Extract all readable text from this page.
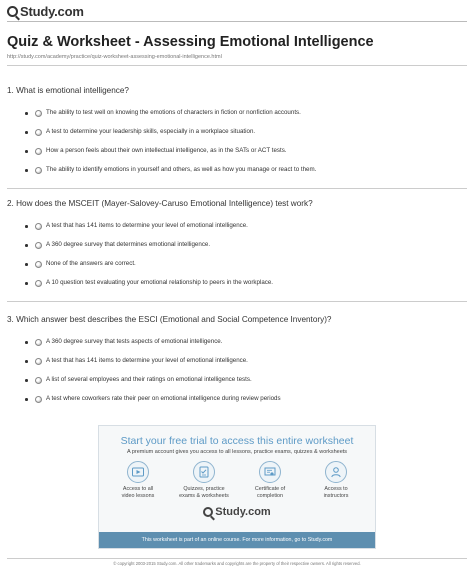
Study.com
Quiz & Worksheet - Assessing Emotional Intelligence
http://study.com/academy/practice/quiz-worksheet-assessing-emotional-intelligence.html
1. What is emotional intelligence?
The ability to test well on knowing the emotions of characters in fiction or nonfiction accounts.
A test to determine your leadership skills, especially in a workplace situation.
How a person feels about their own intellectual intelligence, as in the SATs or ACT tests.
The ability to identify emotions in yourself and others, as well as how you manage or react to them.
2. How does the MSCEIT (Mayer-Salovey-Caruso Emotional Intelligence) test work?
A test that has 141 items to determine your level of emotional intelligence.
A 360 degree survey that determines emotional intelligence.
None of the answers are correct.
A 10 question test evaluating your emotional relationship to peers in the workplace.
3. Which answer best describes the ESCI (Emotional and Social Competence Inventory)?
A 360 degree survey that tests aspects of emotional intelligence.
A test that has 141 items to determine your level of emotional intelligence.
A list of several employees and their ratings on emotional intelligence tests.
A test where coworkers rate their peer on emotional intelligence during review periods
Start your free trial to access this entire worksheet
A premium account gives you access to all lessons, practice exams, quizzes & worksheets
Access to all
video lessons
Quizzes, practice
exams & worksheets
Certificate of
completion
Access to
instructors
Study.com
This worksheet is part of an online course. For more information, go to Study.com
© copyright 2003-2015 Study.com. All other trademarks and copyrights are the property of their respective owners. All rights reserved.
